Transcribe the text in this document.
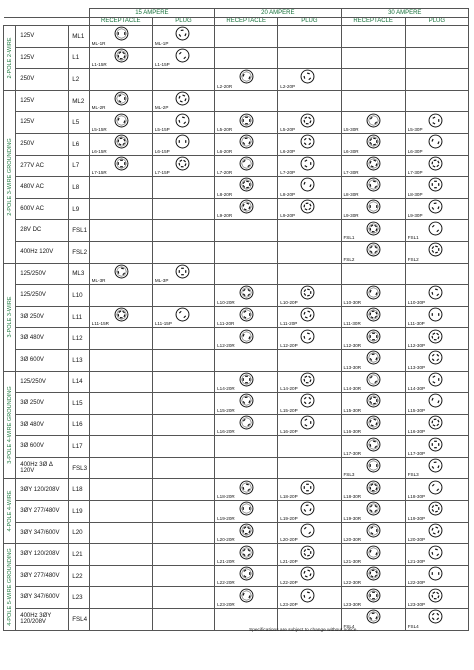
			15 AMPERE		20 AMPERE		30 AMPERE	
			RECEPTACLE	PLUG	RECEPTACLE	PLUG	RECEPTACLE	PLUG

2-POLE 2-WIRE	125V	ML1	ML-1R	ML-1P				

	125V	L1	L1-15R	L1-15P				

	250V	L2			L2-20R	L2-20P		

2-POLE 3-WIRE GROUNDING	125V	ML2	ML-2R	ML-2P				

	125V	L5	L5-15R	L5-15P	L5-20R	L5-20P	L5-30R	L5-30P

	250V	L6	L6-15R	L6-15P	L6-20R	L6-20P	L6-30R	L6-30P

	277V AC	L7	L7-15R	L7-15P	L7-20R	L7-20P	L7-30R	L7-30P

	480V AC	L8			L8-20R	L8-20P	L8-30R	L8-30P

	600V AC	L9			L9-20R	L9-20P	L9-30R	L9-30P

	28V DC	FSL1					FSL1	FSL1

	400Hz 120V	FSL2					FSL2	FSL2

3-POLE 3-WIRE	125/250V	ML3	ML-3R	ML-3P				

	125/250V	L10			L10-20R	L10-20P	L10-30R	L10-30P

	3Ø 250V	L11	L11-15R	L11-15P	L11-20R	L11-20P	L11-30R	L11-30P

	3Ø 480V	L12			L12-20R	L12-20P	L12-30R	L12-30P

	3Ø 600V	L13					L13-30R	L13-30P

3-POLE 4-WIRE GROUNDING	125/250V	L14			L14-20R	L14-20P	L14-30R	L14-30P

	3Ø 250V	L15			L15-20R	L15-20P	L15-30R	L15-30P

	3Ø 480V	L16			L16-20R	L16-20P	L16-30R	L16-30P

	3Ø 600V	L17					L17-30R	L17-30P

	400Hz 3Ø Δ 120V	FSL3					FSL3	FSL3

4-POLE 4-WIRE	3ØY 120/208V	L18			L18-20R	L18-20P	L18-30R	L18-30P

	3ØY 277/480V	L19			L19-20R	L19-20P	L19-30R	L19-30P

	3ØY 347/600V	L20			L20-20R	L20-20P	L20-30R	L20-30P

4-POLE 5-WIRE GROUNDING	3ØY 120/208V	L21			L21-20R	L21-20P	L21-30R	L21-30P

	3ØY 277/480V	L22			L22-20R	L22-20P	L22-30R	L22-30P

	3ØY 347/600V	L23			L23-20R	L23-20P	L23-30R	L23-30P

	400Hz 3ØY 120/208V	FSL4					FSL4	FSL4
Specifications are subject to change without notice.
